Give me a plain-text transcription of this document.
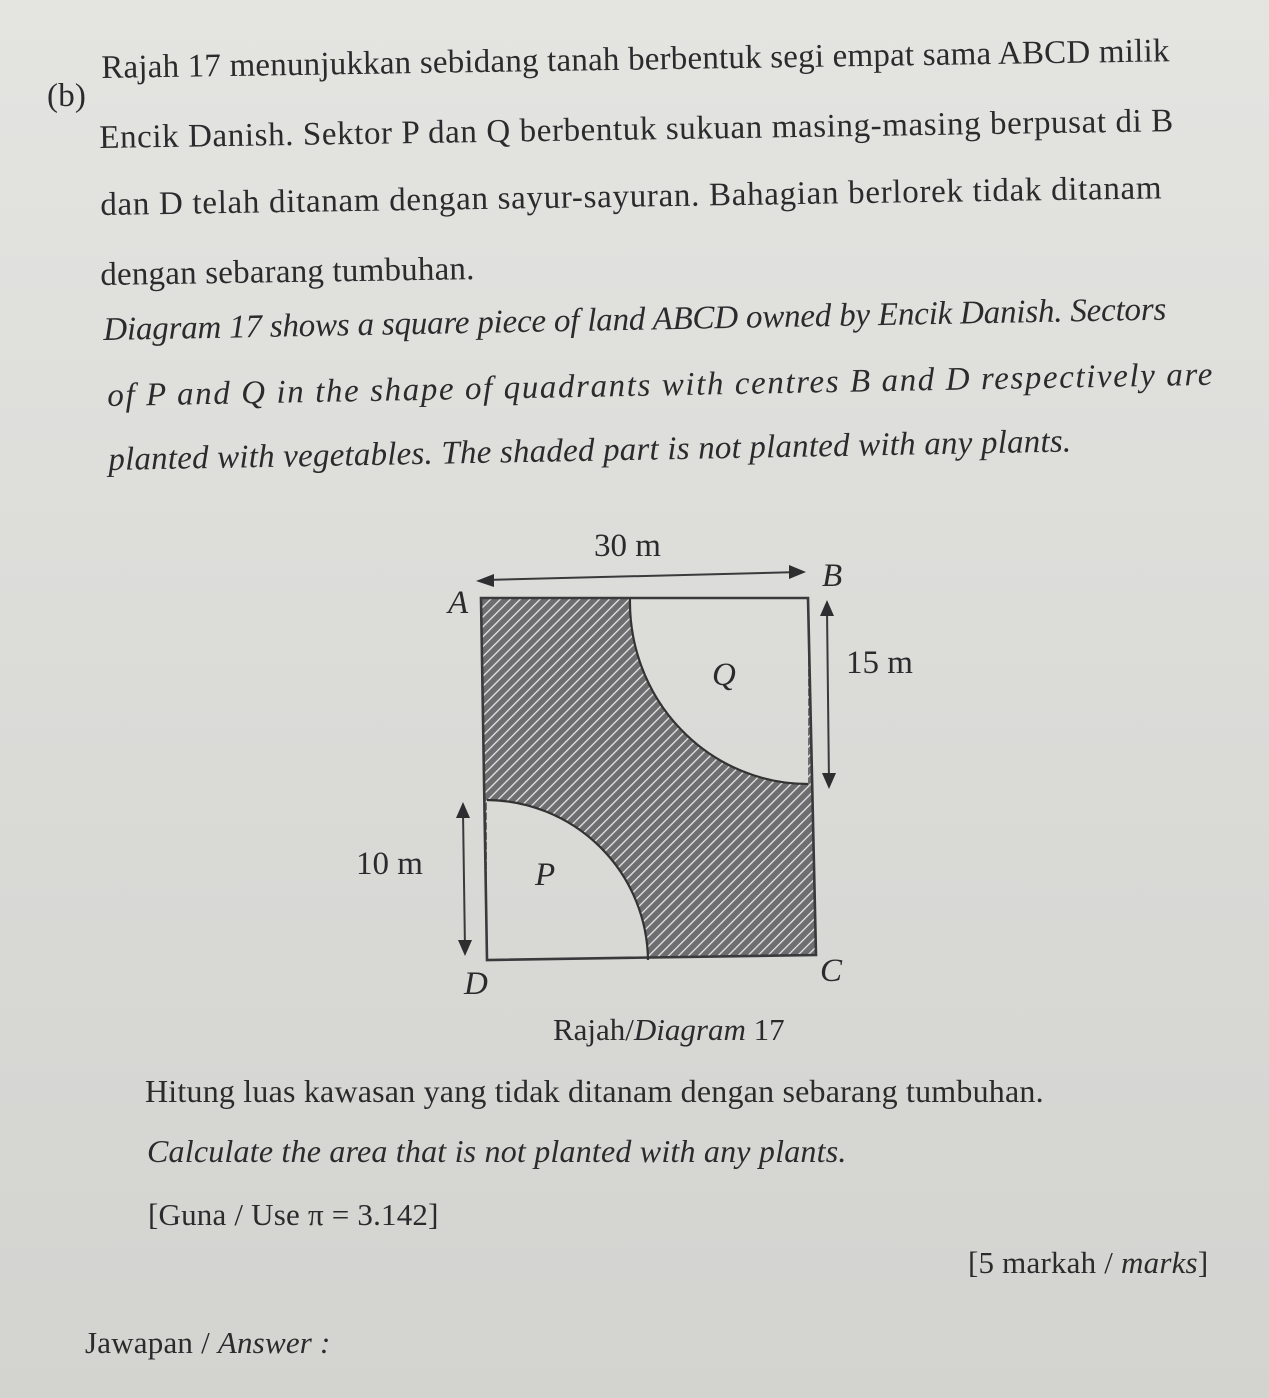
(b)
Rajah 17 menunjukkan sebidang tanah berbentuk segi empat sama ABCD milik
Encik Danish. Sektor P dan Q berbentuk sukuan masing-masing berpusat di B
dan D telah ditanam dengan sayur-sayuran. Bahagian berlorek tidak ditanam
dengan sebarang tumbuhan.
Diagram 17 shows a square piece of land ABCD owned by Encik Danish. Sectors
of P and Q in the shape of quadrants with centres B and D respectively are
planted with vegetables. The shaded part is not planted with any plants.
30 m
A
B
15 m
Q
10 m	P
D	C
Rajah/Diagram 17
Hitung luas kawasan yang tidak ditanam dengan sebarang tumbuhan.
Calculate the area that is not planted with any plants.
[Guna / Use π = 3.142]
[5 markah / marks]
Jawapan / Answer :
